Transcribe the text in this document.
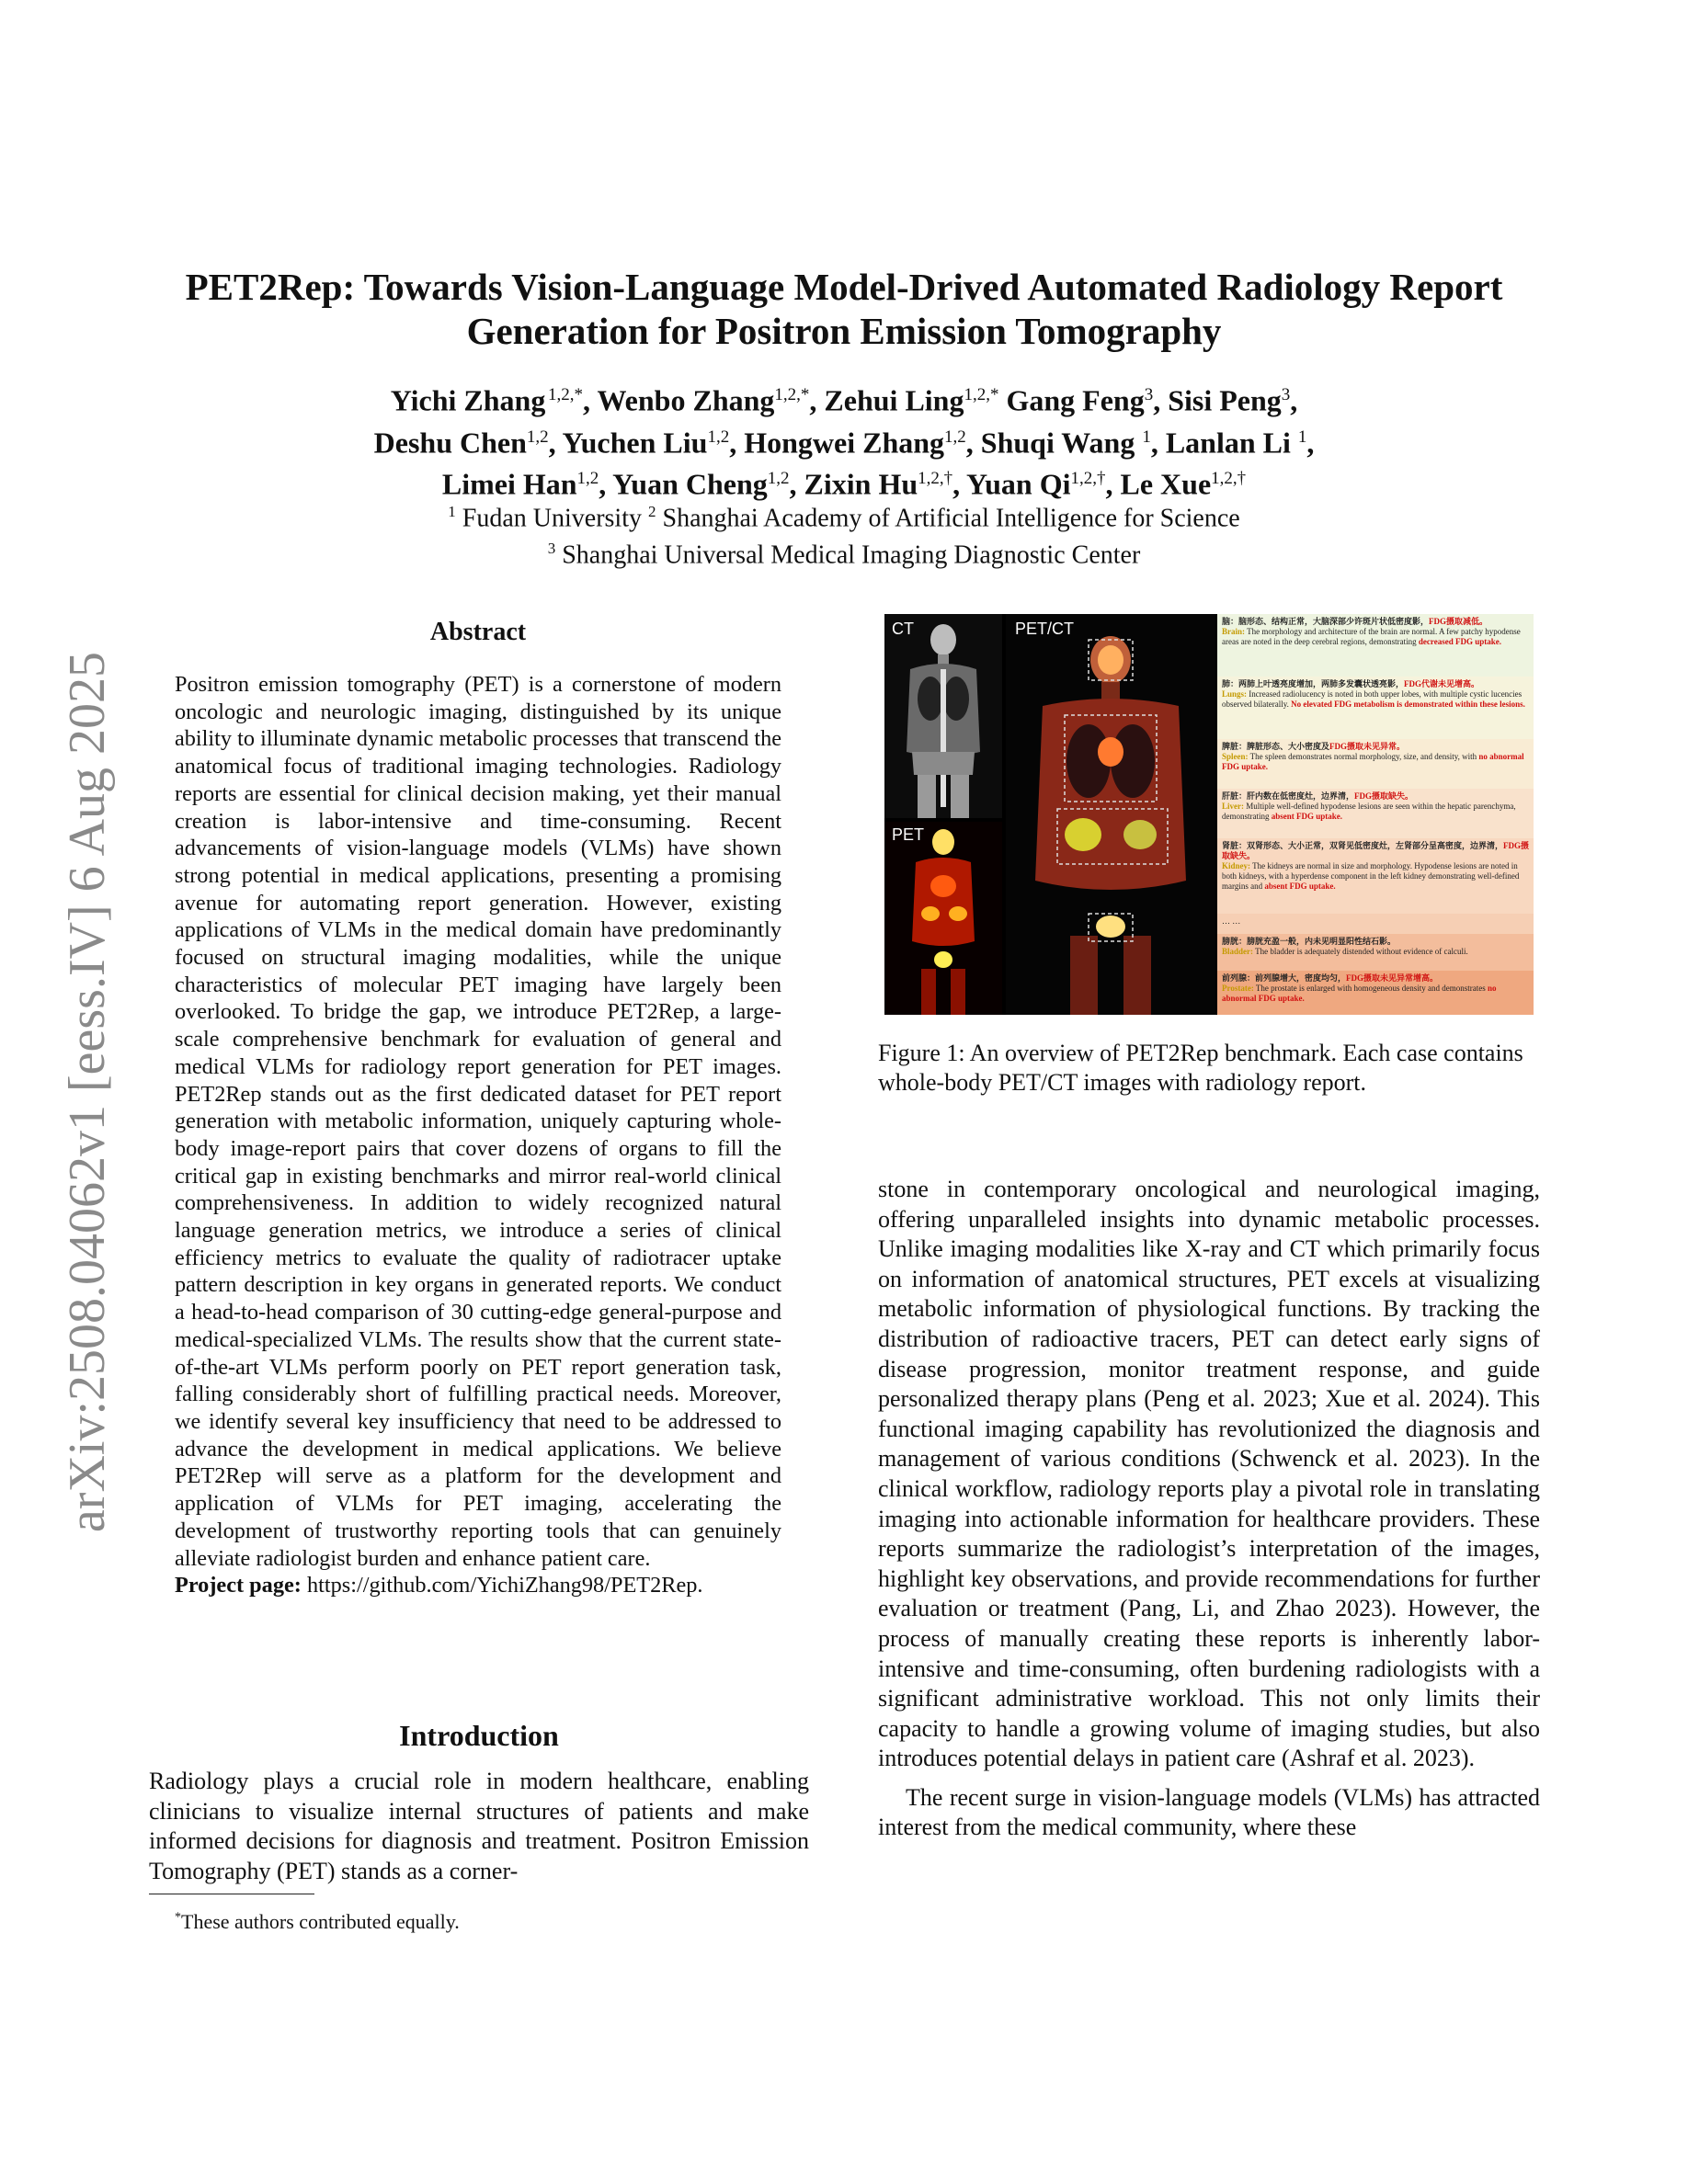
arXiv:2508.04062v1 [eess.IV] 6 Aug 2025
PET2Rep: Towards Vision-Language Model-Drived Automated Radiology Report
Generation for Positron Emission Tomography
Yichi Zhang  $^{1,2,*}$, Wenbo Zhang$^{1,2,*}$, Zehui Ling$^{1,2,*}$ Gang Feng$^3$, Sisi Peng$^3$,
Deshu Chen$^{1,2}$, Yuchen Liu$^{1,2}$, Hongwei Zhang$^{1,2}$, Shuqi Wang $^1$, Lanlan Li $^1$,
Limei Han$^{1,2}$, Yuan Cheng$^{1,2}$, Zixin $Hu^{1,2,\dagger}$, Yuan $Qi^{1,2,\dagger}$, Le Xue$^{1,2,\dagger}$
$^1$ Fudan University $^2$ Shanghai Academy of Artificial Intelligence for Science
$^3$ Shanghai Universal Medical Imaging Diagnostic Center
Abstract
Positron emission tomography (PET) is a cornerstone of modern oncologic and neurologic imaging, distinguished by its unique ability to illuminate dynamic metabolic processes that transcend the anatomical focus of traditional imaging technologies. Radiology reports are essential for clinical decision making, yet their manual creation is labor-intensive and time-consuming. Recent advancements of vision-language models (VLMs) have shown strong potential in medical applications, presenting a promising avenue for automating report generation. However, existing applications of VLMs in the medical domain have predominantly focused on structural imaging modalities, while the unique characteristics of molecular PET imaging have largely been overlooked. To bridge the gap, we introduce PET2Rep, a large-scale comprehensive benchmark for evaluation of general and medical VLMs for radiology report generation for PET images. PET2Rep stands out as the first dedicated dataset for PET report generation with metabolic information, uniquely capturing whole-body image-report pairs that cover dozens of organs to fill the critical gap in existing benchmarks and mirror real-world clinical comprehensiveness. In addition to widely recognized natural language generation metrics, we introduce a series of clinical efficiency metrics to evaluate the quality of radiotracer uptake pattern description in key organs in generated reports. We conduct a head-to-head comparison of 30 cutting-edge general-purpose and medical-specialized VLMs. The results show that the current state-of-the-art VLMs perform poorly on PET report generation task, falling considerably short of fulfilling practical needs. Moreover, we identify several key insufficiency that need to be addressed to advance the development in medical applications. We believe PET2Rep will serve as a platform for the development and application of VLMs for PET imaging, accelerating the development of trustworthy reporting tools that can genuinely alleviate radiologist burden and enhance patient care.
Project page: https://github.com/YichiZhang98/PET2Rep.
Introduction
Radiology plays a crucial role in modern healthcare, enabling clinicians to visualize internal structures of patients and make informed decisions for diagnosis and treatment. Positron Emission Tomography (PET) stands as a corner-
*These authors contributed equally.
CT
PET
PET/CT	脑：脑形态、结构正常，大脑深部少许斑片状低密度影，FDG摄取减低。
Brain: The morphology and architecture of the brain are normal. A few patchy hypodense areas are noted in the deep cerebral regions, demonstrating decreased FDG uptake.
肺：两肺上叶透亮度增加，两肺多发囊状透亮影，FDG代谢未见增高。
Lungs: Increased radiolucency is noted in both upper lobes, with multiple cystic lucencies observed bilaterally. No elevated FDG metabolism is demonstrated within these lesions.
脾脏：脾脏形态、大小密度及FDG摄取未见异常。
Spleen: The spleen demonstrates normal morphology, size, and density, with no abnormal FDG uptake.
肝脏：肝内数在低密度灶，边界清，FDG摄取缺失。
Liver: Multiple well-defined hypodense lesions are seen within the hepatic parenchyma, demonstrating absent FDG uptake.
肾脏：双肾形态、大小正常，双肾见低密度灶，左肾部分呈高密度，边界清，FDG摄取缺失。
Kidney: The kidneys are normal in size and morphology. Hypodense lesions are noted in both kidneys, with a hyperdense component in the left kidney demonstrating well-defined margins and absent FDG uptake.
… …
膀胱：膀胱充盈一般，内未见明显阳性结石影。
Bladder: The bladder is adequately distended without evidence of calculi.
前列腺：前列腺增大，密度均匀，FDG摄取未见异常增高。
Prostate: The prostate is enlarged with homogeneous density and demonstrates no abnormal FDG uptake.
Figure 1: An overview of PET2Rep benchmark. Each case contains whole-body PET/CT images with radiology report.

stone in contemporary oncological and neurological imaging, offering unparalleled insights into dynamic metabolic processes. Unlike imaging modalities like X-ray and CT which primarily focus on information of anatomical structures, PET excels at visualizing metabolic information of physiological functions. By tracking the distribution of radioactive tracers, PET can detect early signs of disease progression, monitor treatment response, and guide personalized therapy plans (Peng et al. 2023; Xue et al. 2024). This functional imaging capability has revolutionized the diagnosis and management of various conditions (Schwenck et al. 2023). In the clinical workflow, radiology reports play a pivotal role in translating imaging into actionable information for healthcare providers. These reports summarize the radiologist’s interpretation of the images, highlight key observations, and provide recommendations for further evaluation or treatment (Pang, Li, and Zhao 2023). However, the process of manually creating these reports is inherently labor-intensive and time-consuming, often burdening radiologists with a significant administrative workload. This not only limits their capacity to handle a growing volume of imaging studies, but also introduces potential delays in patient care (Ashraf et al. 2023).

The recent surge in vision-language models (VLMs) has attracted interest from the medical community, where these
